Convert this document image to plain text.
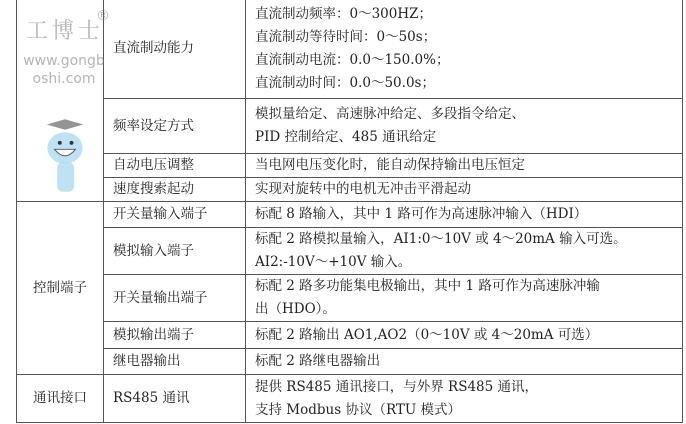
	直流制动能力	直流制动频率：0～300HZ；
直流制动等待时间：0～50s；
直流制动电流：0.0～150.0%；
直流制动时间：0.0～50.0s；

	频率设定方式	模拟量给定、高速脉冲给定、多段指令给定、
PID 控制给定、485 通讯给定

	自动电压调整	当电网电压变化时，能自动保持输出电压恒定
	速度搜索起动	实现对旋转中的电机无冲击平滑起动
控制端子	开关量输入端子	标配 8 路输入，其中 1 路可作为高速脉冲输入（HDI）
	模拟输入端子	标配 2 路模拟量输入，AI1:0～10V 或 4～20mA 输入可选。
AI2:-10V～+10V 输入。

	开关量输出端子	标配 2 路多功能集电极输出，其中 1 路可作为高速脉冲输
出（HDO）。

	模拟输出端子	标配 2 路输出 AO1,AO2（0～10V 或 4～20mA 可选）
	继电器输出	标配 2 路继电器输出
通讯接口	RS485 通讯	提供 RS485 通讯接口，与外界 RS485 通讯，
支持 Modbus 协议（RTU 模式）
工博士
®
www.gongboshi.com
